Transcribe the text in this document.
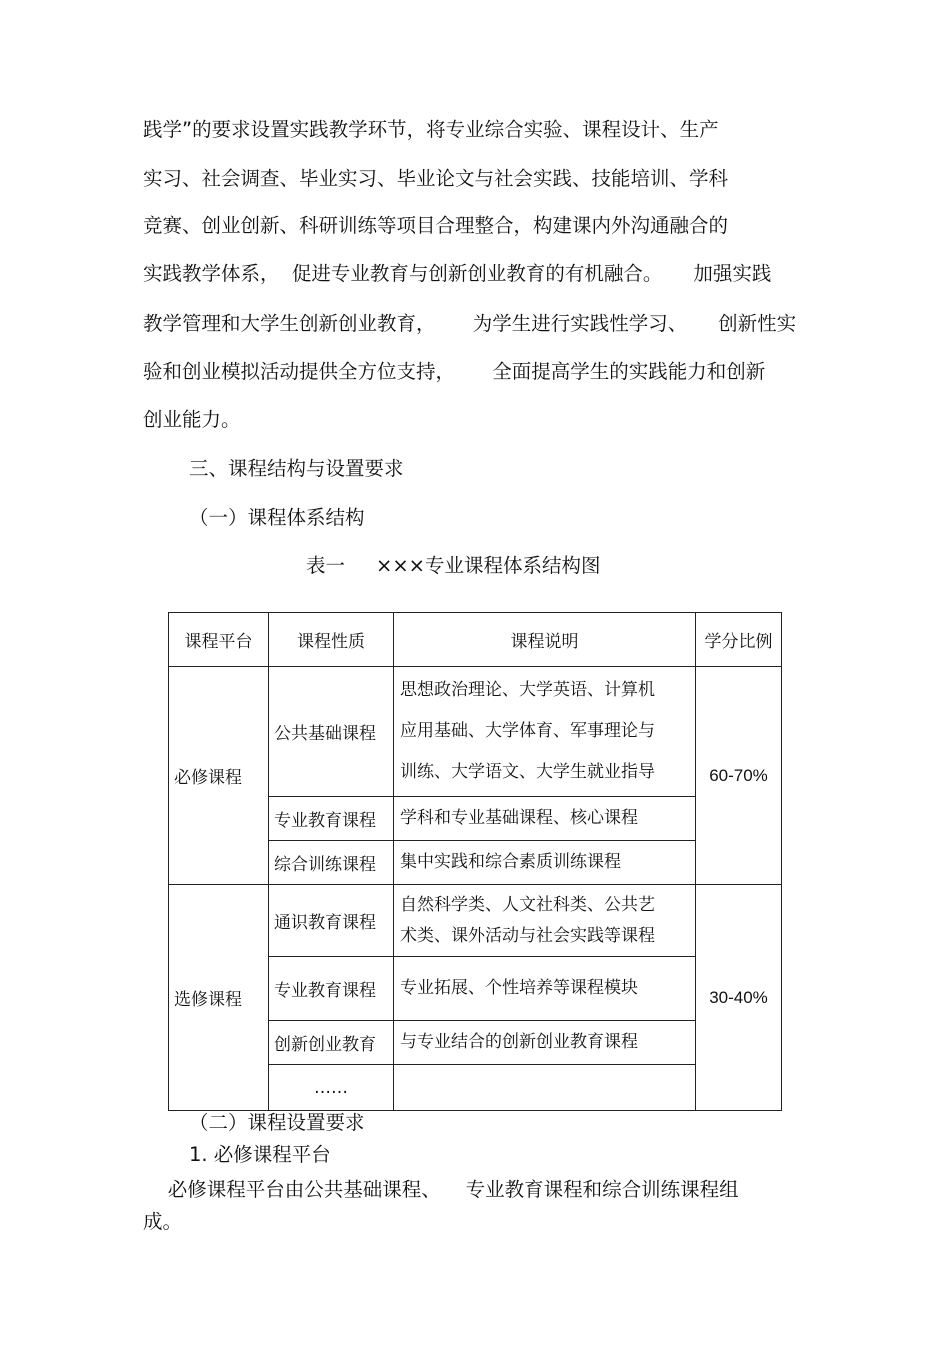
践学”的要求设置实践教学环节，将专业综合实验、课程设计、生产
实习、社会调查、毕业实习、毕业论文与社会实践、技能培训、学科
竞赛、创业创新、科研训练等项目合理整合，构建课内外沟通融合的
实践教学体系，  促进专业教育与创新创业教育的有机融合。     加强实践
教学管理和大学生创新创业教育，      为学生进行实践性学习、     创新性实
验和创业模拟活动提供全方位支持，      全面提高学生的实践能力和创新
创业能力。
三、课程结构与设置要求
（一）课程体系结构
表一     ×××专业课程体系结构图
课程平台	课程性质	课程说明	学分比例
必修课程	公共基础课程	思想政治理论、大学英语、计算机
应用基础、大学体育、军事理论与
训练、大学语文、大学生就业指导	60-70%
	专业教育课程	学科和专业基础课程、核心课程	
	综合训练课程	集中实践和综合素质训练课程	
选修课程	通识教育课程	自然科学类、人文社科类、公共艺
术类、课外活动与社会实践等课程	30-40%
	专业教育课程	专业拓展、个性培养等课程模块	
	创新创业教育	与专业结合的创新创业教育课程	
	……		
（二）课程设置要求
1. 必修课程平台
必修课程平台由公共基础课程、    专业教育课程和综合训练课程组
成。
